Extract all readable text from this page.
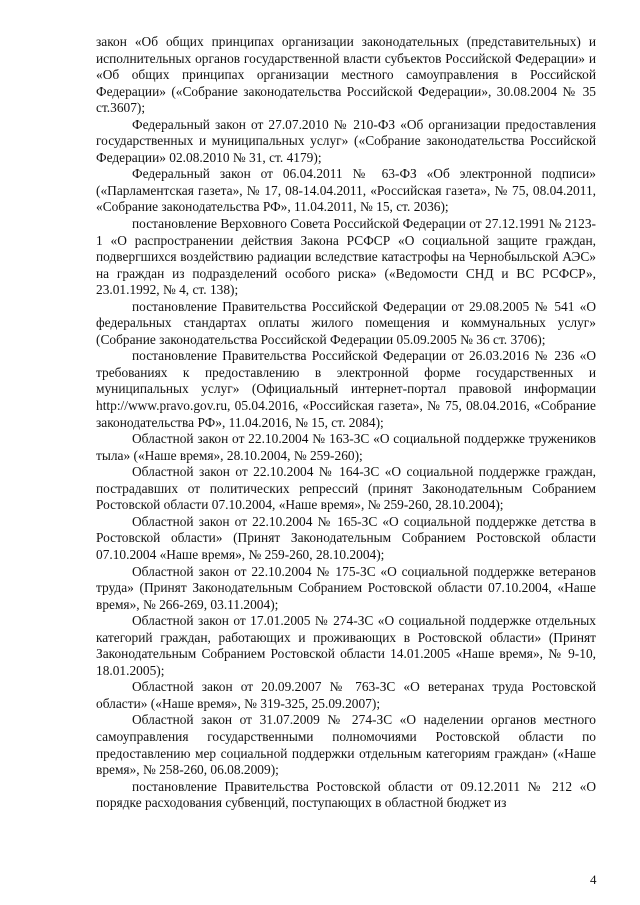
закон «Об общих принципах организации законодательных (представительных) и исполнительных органов государственной власти субъектов Российской Федерации» и «Об общих принципах организации местного самоуправления в Российской Федерации» («Собрание законодательства Российской Федерации», 30.08.2004 № 35 ст.3607);

Федеральный закон от 27.07.2010 № 210-ФЗ «Об организации предоставления государственных и муниципальных услуг» («Собрание законодательства Российской Федерации» 02.08.2010 № 31, ст. 4179);

Федеральный закон от 06.04.2011 № 63-ФЗ «Об электронной подписи» («Парламентская газета», № 17, 08-14.04.2011, «Российская газета», № 75, 08.04.2011, «Собрание законодательства РФ», 11.04.2011, № 15, ст. 2036);

постановление Верховного Совета Российской Федерации от 27.12.1991 № 2123-1 «О распространении действия Закона РСФСР «О социальной защите граждан, подвергшихся воздействию радиации вследствие катастрофы на Чернобыльской АЭС» на граждан из подразделений особого риска» («Ведомости СНД и ВС РСФСР», 23.01.1992, № 4, ст. 138);

постановление Правительства Российской Федерации от 29.08.2005 № 541 «О федеральных стандартах оплаты жилого помещения и коммунальных услуг» (Собрание законодательства Российской Федерации 05.09.2005 № 36 ст. 3706);

постановление Правительства Российской Федерации от 26.03.2016 № 236 «О требованиях к предоставлению в электронной форме государственных и муниципальных услуг» (Официальный интернет-портал правовой информации http://www.pravo.gov.ru, 05.04.2016, «Российская газета», № 75, 08.04.2016, «Собрание законодательства РФ», 11.04.2016, № 15, ст. 2084);

Областной закон от 22.10.2004 № 163-ЗС «О социальной поддержке тружеников тыла» («Наше время», 28.10.2004, № 259-260);

Областной закон от 22.10.2004 № 164-ЗС «О социальной поддержке граждан, пострадавших от политических репрессий (принят Законодательным Собранием Ростовской области 07.10.2004, «Наше время», № 259-260, 28.10.2004);

Областной закон от 22.10.2004 № 165-ЗС «О социальной поддержке детства в Ростовской области» (Принят Законодательным Собранием Ростовской области 07.10.2004 «Наше время», № 259-260, 28.10.2004);

Областной закон от 22.10.2004 № 175-ЗС «О социальной поддержке ветеранов труда» (Принят Законодательным Собранием Ростовской области 07.10.2004, «Наше время», № 266-269, 03.11.2004);

Областной закон от 17.01.2005 № 274-ЗС «О социальной поддержке отдельных категорий граждан, работающих и проживающих в Ростовской области» (Принят Законодательным Собранием Ростовской области 14.01.2005 «Наше время», № 9-10, 18.01.2005);

Областной закон от 20.09.2007 № 763-ЗС «О ветеранах труда Ростовской области» («Наше время», № 319-325, 25.09.2007);

Областной закон от 31.07.2009 № 274-ЗС «О наделении органов местного самоуправления государственными полномочиями Ростовской области по предоставлению мер социальной поддержки отдельным категориям граждан» («Наше время», № 258-260, 06.08.2009);

постановление Правительства Ростовской области от 09.12.2011 № 212 «О порядке расходования субвенций, поступающих в областной бюджет из

4
